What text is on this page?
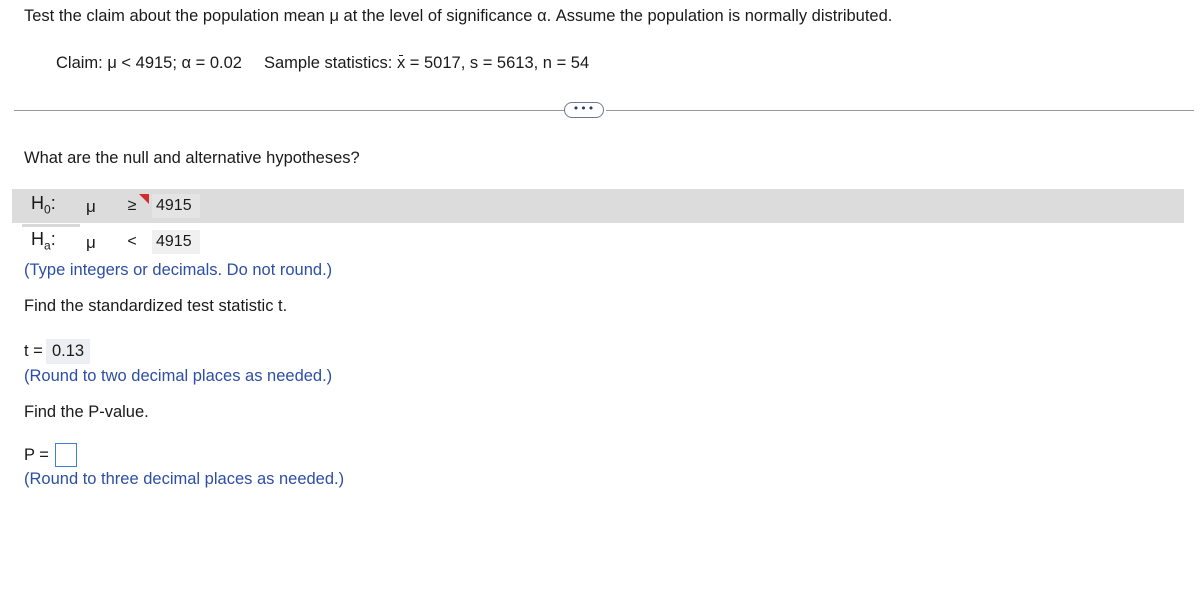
Test the claim about the population mean μ at the level of significance α. Assume the population is normally distributed.
Claim: μ < 4915; α = 0.02 Sample statistics: x = 5017, s = 5613, n = 54
•••
What are the null and alternative hypotheses?
$H_0$: μ	≥	4915
$H_a$: μ	<	4915
(Type integers or decimals. Do not round.)
Find the standardized test statistic t.
t = 0.13
(Round to two decimal places as needed.)
Find the P-value.
P =
(Round to three decimal places as needed.)
